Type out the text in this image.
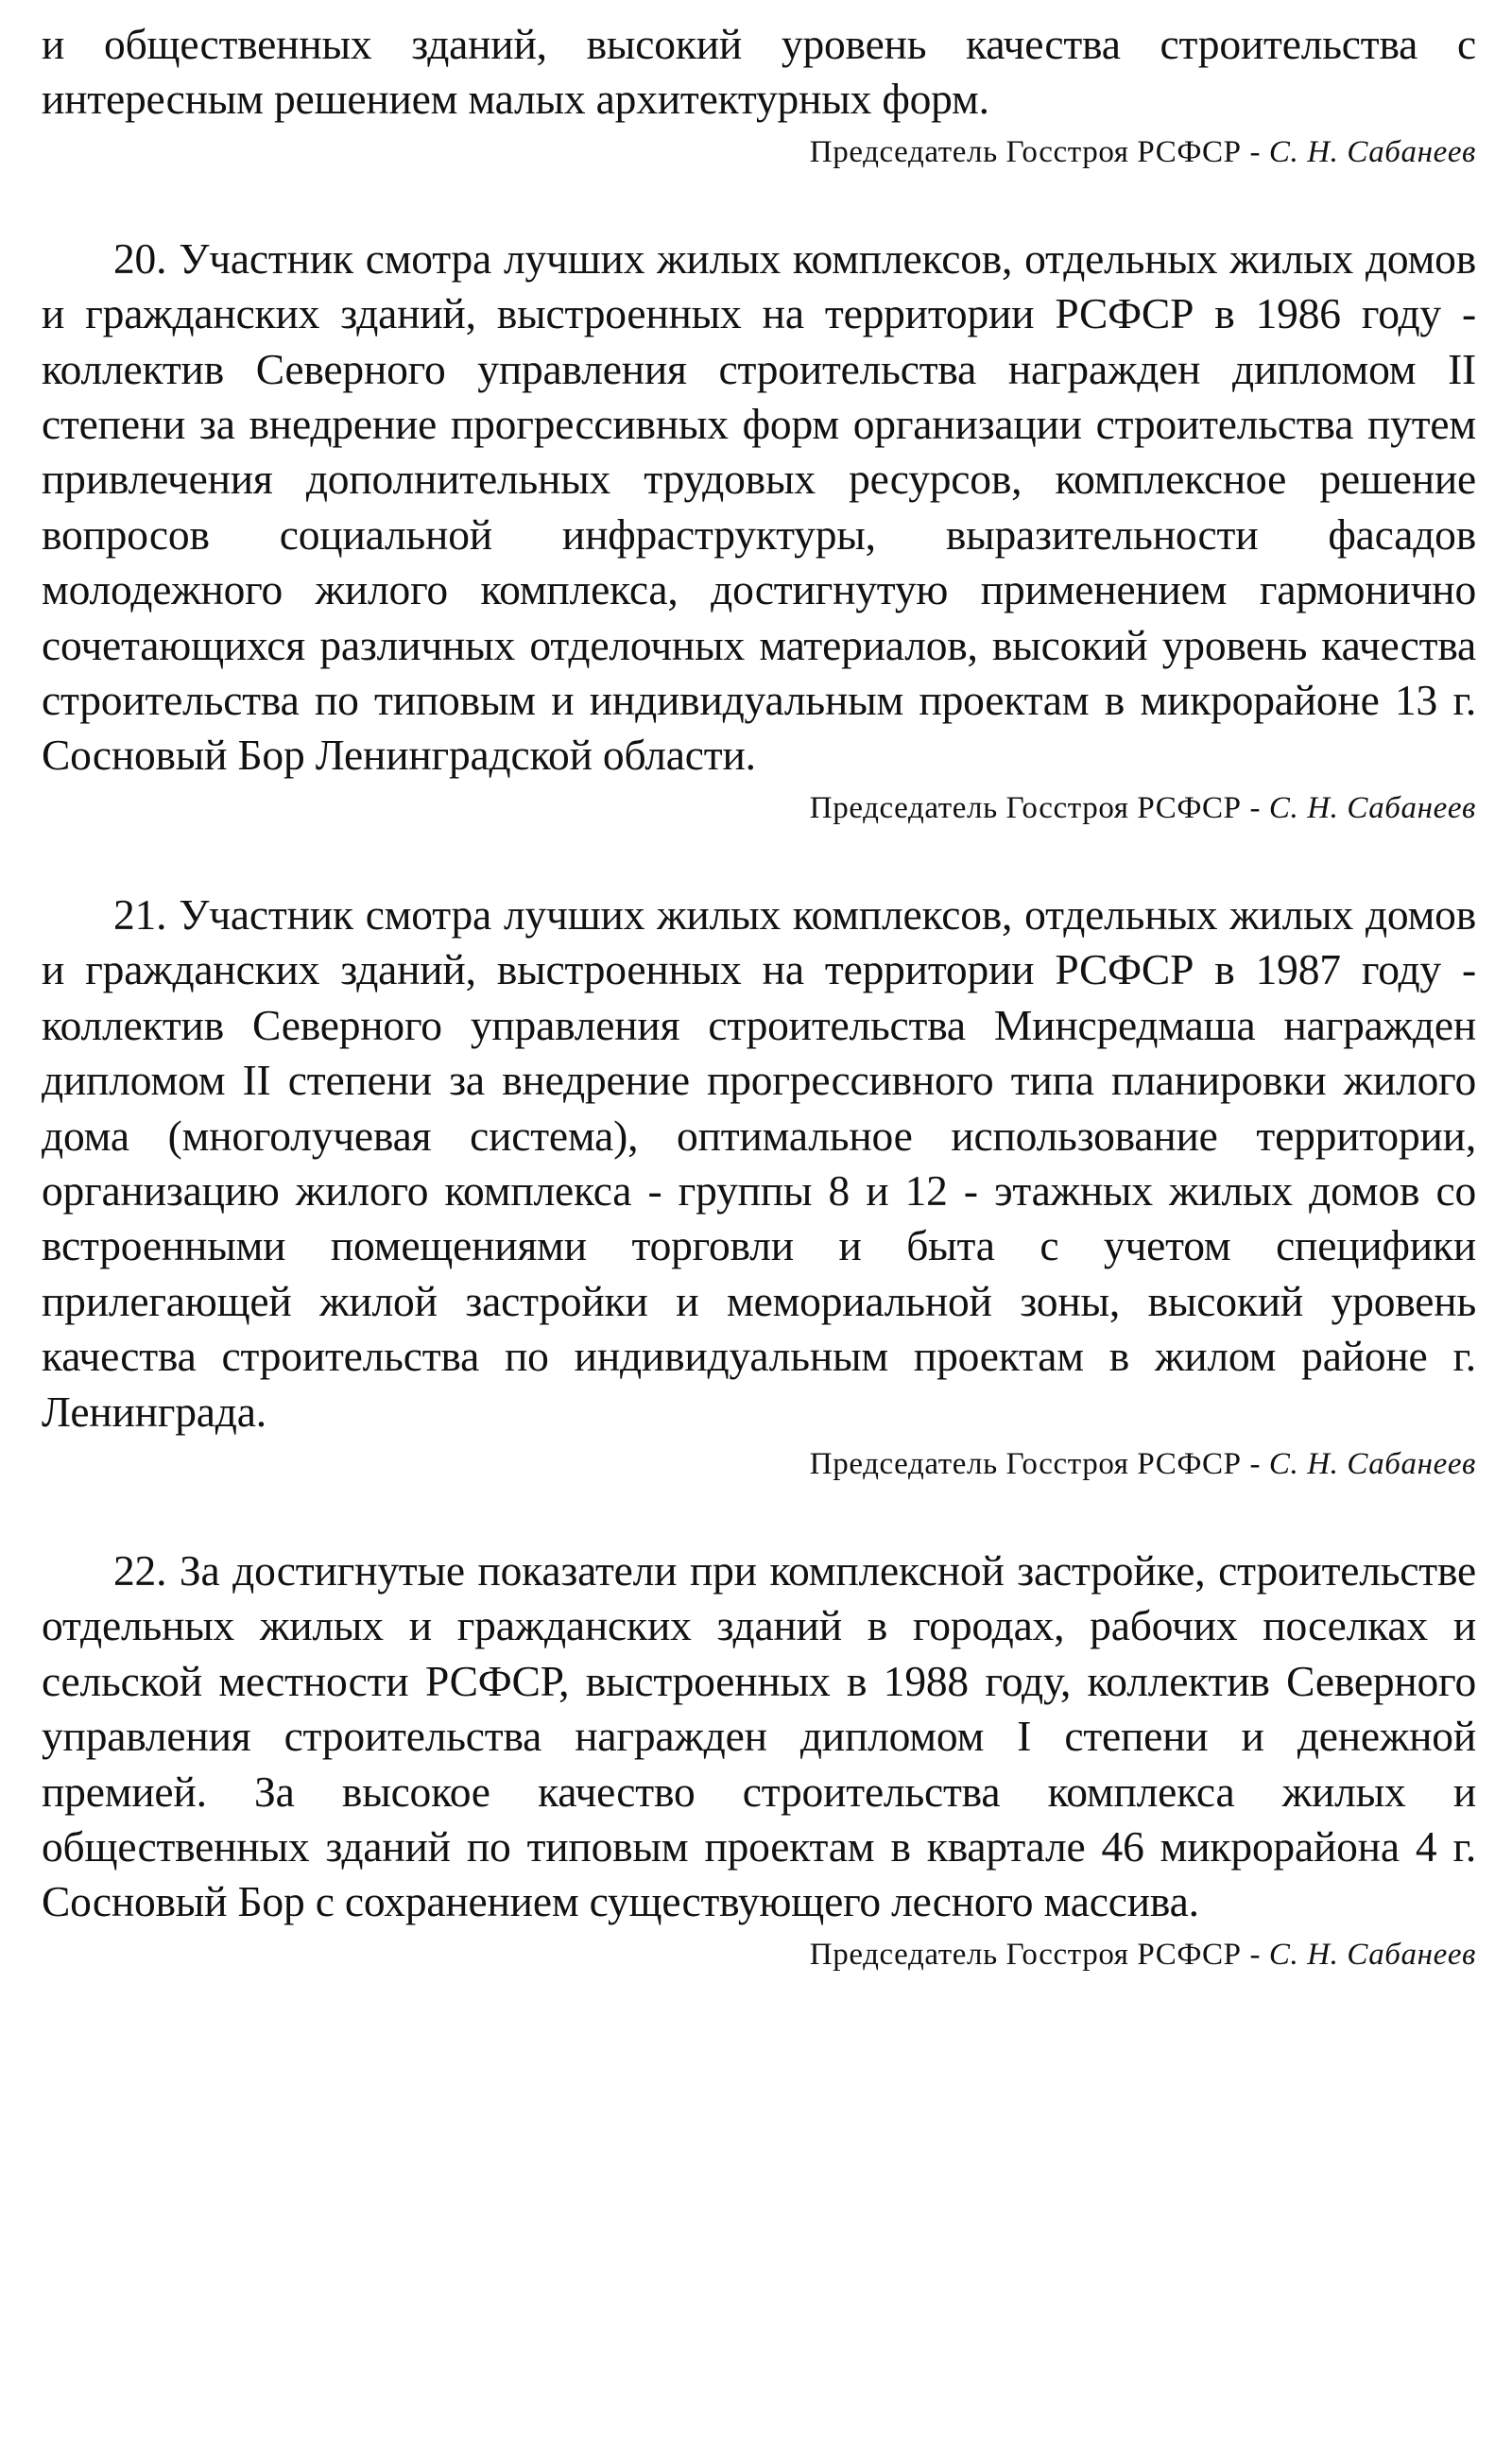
и общественных зданий, высокий уровень качества строительства с интересным решением малых архитектурных форм.

Председатель Госстроя РСФСР - С. Н. Сабанеев

20. Участник смотра лучших жилых комплексов, отдельных жилых домов и гражданских зданий, выстроенных на территории РСФСР в 1986 году - коллектив Северного управления строительства награжден дипломом II степени за внедрение прогрессивных форм организации строительства путем привлечения дополнительных трудовых ресурсов, комплексное решение вопросов социальной инфраструктуры, выразительности фасадов молодежного жилого комплекса, достигнутую применением гармонично сочетающихся различных отделочных материалов, высокий уровень качества строительства по типовым и индивидуальным проектам в микрорайоне 13 г. Сосновый Бор Ленинградской области.

Председатель Госстроя РСФСР - С. Н. Сабанеев

21. Участник смотра лучших жилых комплексов, отдельных жилых домов и гражданских зданий, выстроенных на территории РСФСР в 1987 году - коллектив Северного управления строительства Минсредмаша награжден дипломом II степени за внедрение прогрессивного типа планировки жилого дома (многолучевая система), оптимальное использование территории, организацию жилого комплекса - группы 8 и 12 - этажных жилых домов со встроенными помещениями торговли и быта с учетом специфики прилегающей жилой застройки и мемориальной зоны, высокий уровень качества строительства по индивидуальным проектам в жилом районе г. Ленинграда.

Председатель Госстроя РСФСР - С. Н. Сабанеев

22. За достигнутые показатели при комплексной застройке, строительстве отдельных жилых и гражданских зданий в городах, рабочих поселках и сельской местности РСФСР, выстроенных в 1988 году, коллектив Северного управления строительства награжден дипломом I степени и денежной премией. За высокое качество строительства комплекса жилых и общественных зданий по типовым проектам в квартале 46 микрорайона 4 г. Сосновый Бор с сохранением существующего лесного массива.

Председатель Госстроя РСФСР - С. Н. Сабанеев
